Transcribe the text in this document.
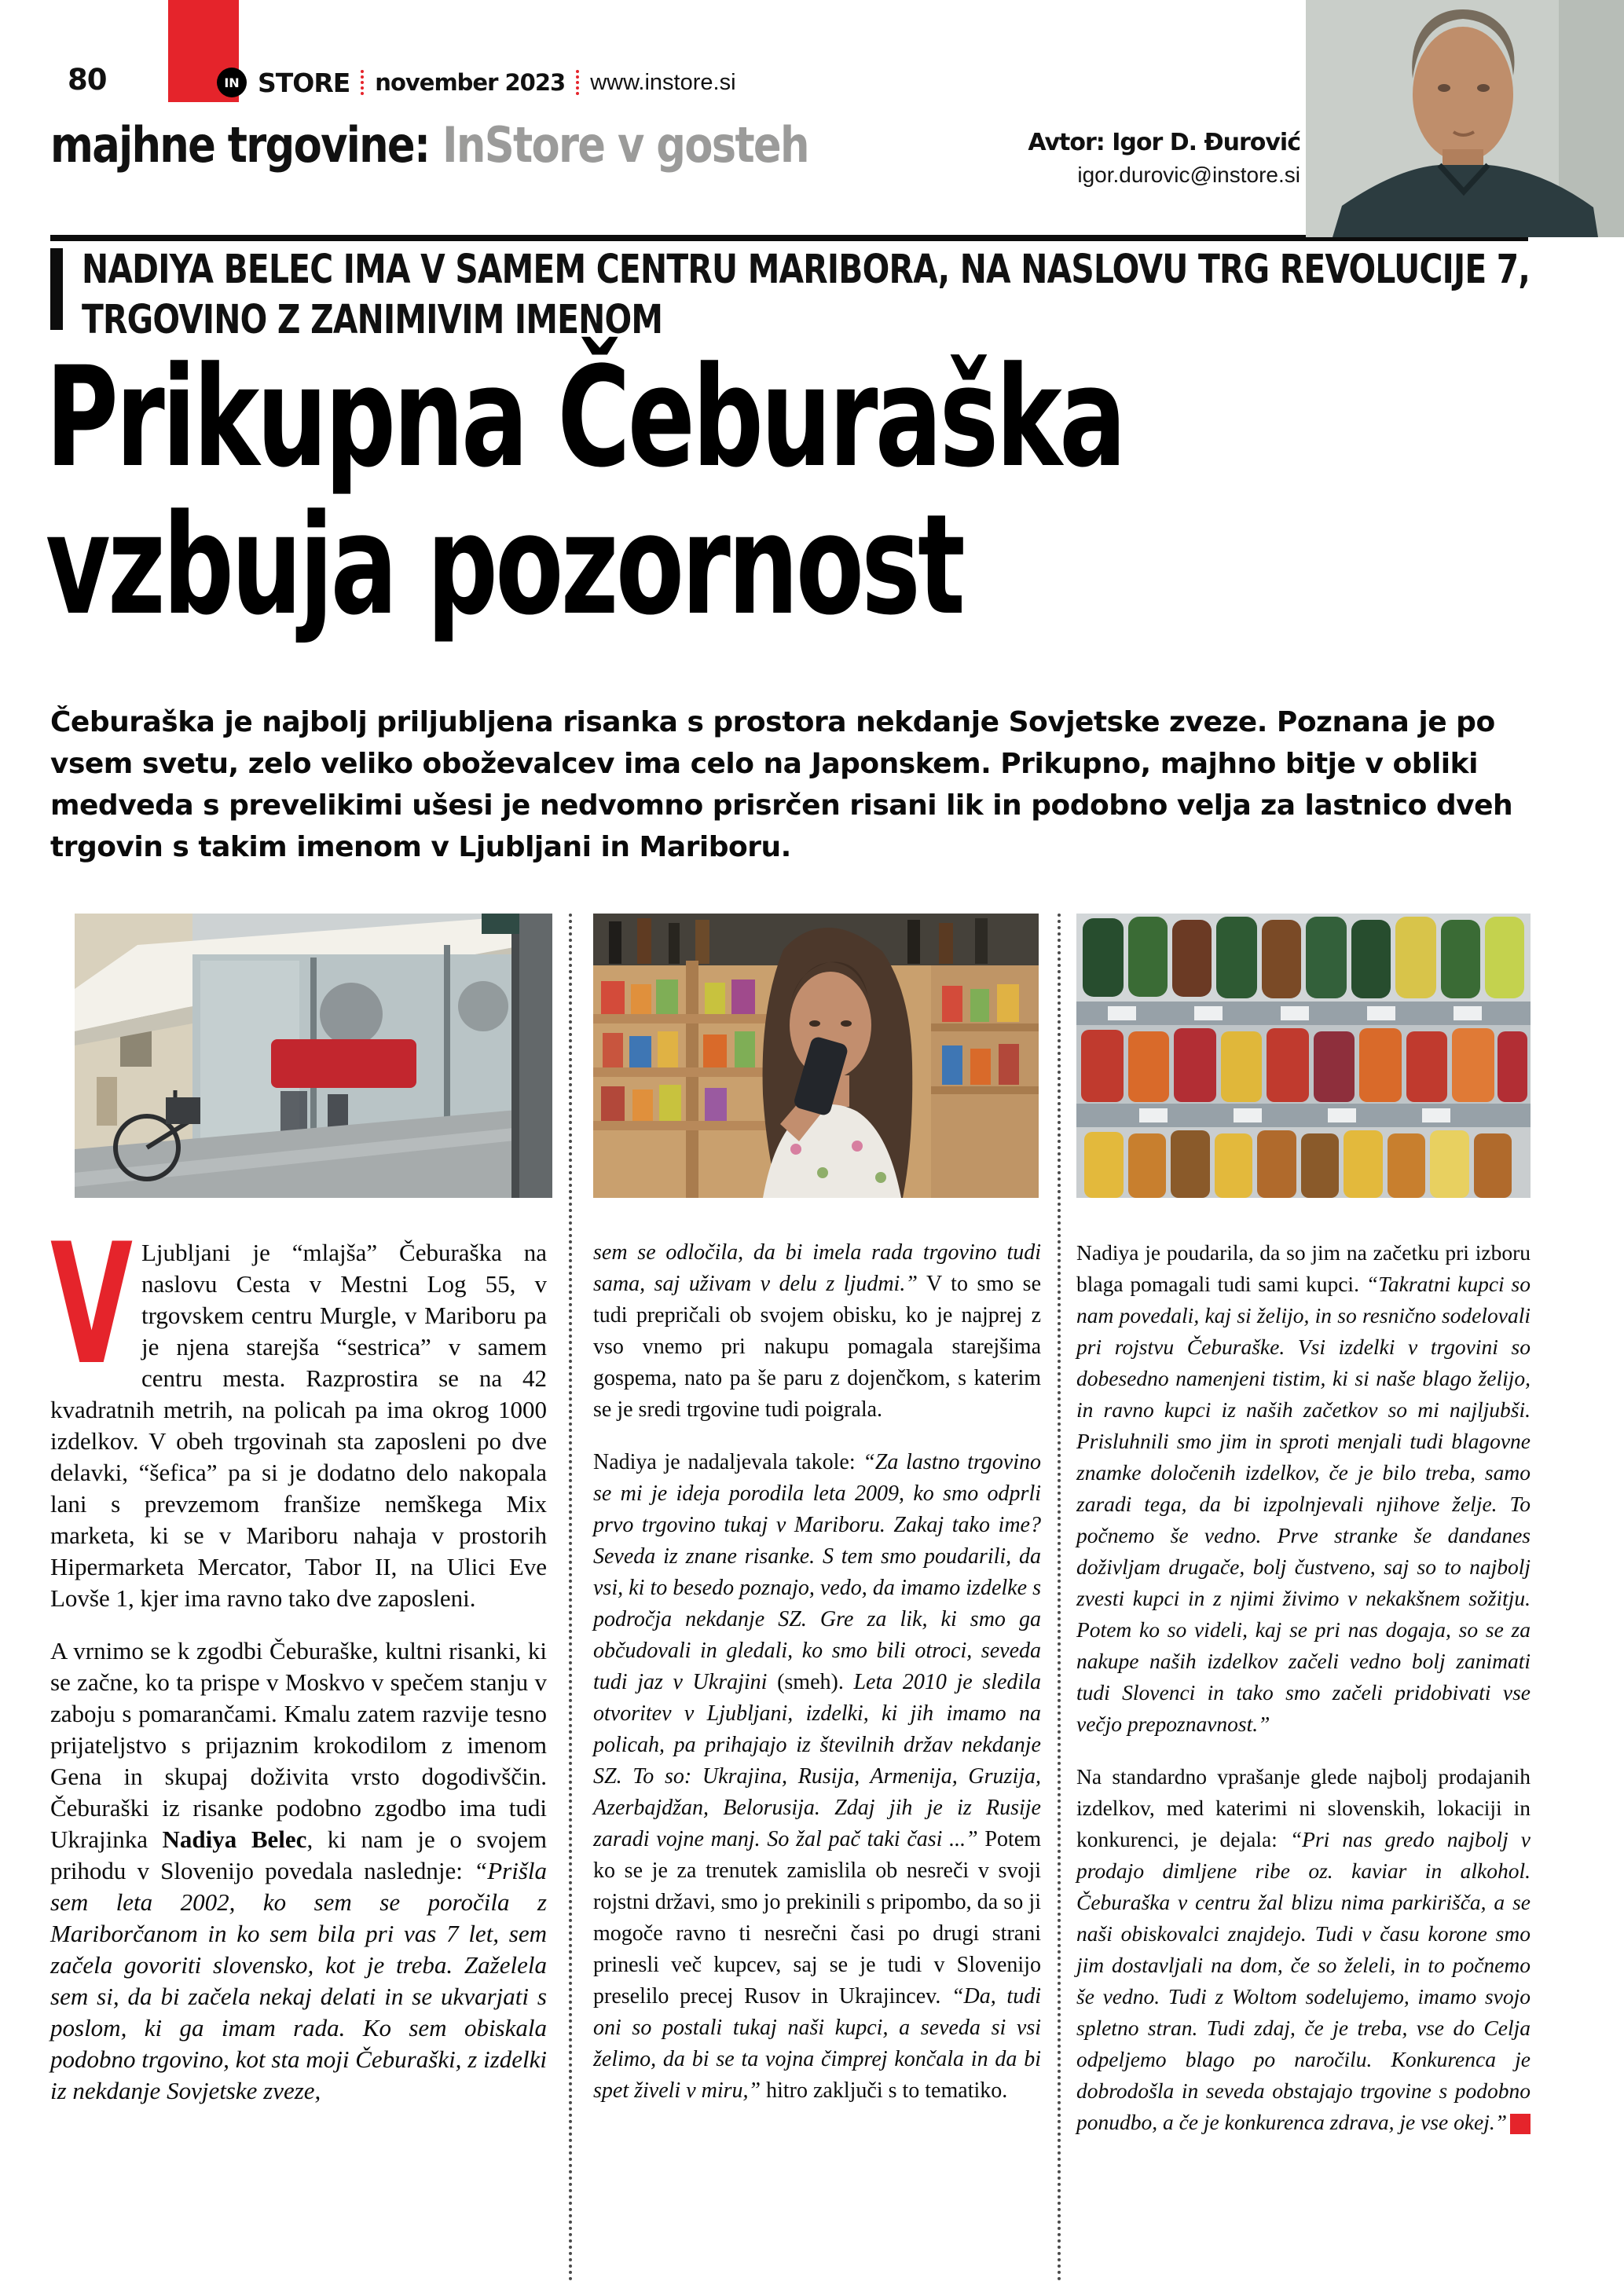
80	IN STORE november 2023 www.instore.si
majhne trgovine: InStore v gosteh	Avtor: Igor D. Đurović
igor.durovic@instore.si
NADIYA BELEC IMA V SAMEM CENTRU MARIBORA, NA NASLOVU TRG REVOLUCIJE 7,
TRGOVINO Z ZANIMIVIM IMENOM
Prikupna Čeburaška
vzbuja pozornost
Čeburaška je najbolj priljubljena risanka s prostora nekdanje Sovjetske zveze. Poznana je po vsem svetu, zelo veliko oboževalcev ima celo na Japonskem. Prikupno, majhno bitje v obliki medveda s prevelikimi ušesi je nedvomno prisrčen risani lik in podobno velja za lastnico dveh trgovin s takim imenom v Ljubljani in Mariboru.

V Ljubljani je “mlajša” Čeburaška na naslovu Cesta v Mestni Log 55, v trgovskem centru Murgle, v Mariboru pa je njena starejša “sestrica” v samem centru mesta. Razprostira se na 42 kvadratnih metrih, na policah pa ima okrog 1000 izdelkov. V obeh trgovinah sta zaposleni po dve delavki, “šefica” pa si je dodatno delo nakopala lani s prevzemom franšize nemškega Mix marketa, ki se v Mariboru nahaja v prostorih Hipermarketa Mercator, Tabor II, na Ulici Eve Lovše 1, kjer ima ravno tako dve zaposleni.

A vrnimo se k zgodbi Čeburaške, kultni risanki, ki se začne, ko ta prispe v Moskvo v spečem stanju v zaboju s pomarančami. Kmalu zatem razvije tesno prijateljstvo s prijaznim krokodilom z imenom Gena in skupaj doživita vrsto dogodivščin. Čeburaški iz risanke podobno zgodbo ima tudi Ukrajinka Nadiya Belec, ki nam je o svojem prihodu v Slovenijo povedala naslednje: “Prišla sem leta 2002, ko sem se poročila z Mariborčanom in ko sem bila pri vas 7 let, sem začela govoriti slovensko, kot je treba. Zaželela sem si, da bi začela nekaj delati in se ukvarjati s poslom, ki ga imam rada. Ko sem obiskala podobno trgovino, kot sta moji Čeburaški, z izdelki iz nekdanje Sovjetske zveze,

sem se odločila, da bi imela rada trgovino tudi sama, saj uživam v delu z ljudmi.” V to smo se tudi prepričali ob svojem obisku, ko je najprej z vso vnemo pri nakupu pomagala starejšima gospema, nato pa še paru z dojenčkom, s katerim se je sredi trgovine tudi poigrala.

Nadiya je nadaljevala takole: “Za lastno trgovino se mi je ideja porodila leta 2009, ko smo odprli prvo trgovino tukaj v Mariboru. Zakaj tako ime? Seveda iz znane risanke. S tem smo poudarili, da vsi, ki to besedo poznajo, vedo, da imamo izdelke s področja nekdanje SZ. Gre za lik, ki smo ga občudovali in gledali, ko smo bili otroci, seveda tudi jaz v Ukrajini (smeh). Leta 2010 je sledila otvoritev v Ljubljani, izdelki, ki jih imamo na policah, pa prihajajo iz številnih držav nekdanje SZ. To so: Ukrajina, Rusija, Armenija, Gruzija, Azerbajdžan, Belorusija. Zdaj jih je iz Rusije zaradi vojne manj. So žal pač taki časi ...” Potem ko se je za trenutek zamislila ob nesreči v svoji rojstni državi, smo jo prekinili s pripombo, da so ji mogoče ravno ti nesrečni časi po drugi strani prinesli več kupcev, saj se je tudi v Slovenijo preselilo precej Rusov in Ukrajincev. “Da, tudi oni so postali tukaj naši kupci, a seveda si vsi želimo, da bi se ta vojna čimprej končala in da bi spet živeli v miru,” hitro zaključi s to tematiko.

Nadiya je poudarila, da so jim na začetku pri izboru blaga pomagali tudi sami kupci. “Takratni kupci so nam povedali, kaj si želijo, in so resnično sodelovali pri rojstvu Čeburaške. Vsi izdelki v trgovini so dobesedno namenjeni tistim, ki si naše blago želijo, in ravno kupci iz naših začetkov so mi najljubši. Prisluhnili smo jim in sproti menjali tudi blagovne znamke določenih izdelkov, če je bilo treba, samo zaradi tega, da bi izpolnjevali njihove želje. To počnemo še vedno. Prve stranke še dandanes doživljam drugače, bolj čustveno, saj so to najbolj zvesti kupci in z njimi živimo v nekakšnem sožitju. Potem ko so videli, kaj se pri nas dogaja, so se za nakupe naših izdelkov začeli vedno bolj zanimati tudi Slovenci in tako smo začeli pridobivati vse večjo prepoznavnost.”

Na standardno vprašanje glede najbolj prodajanih izdelkov, med katerimi ni slovenskih, lokaciji in konkurenci, je dejala: “Pri nas gredo najbolj v prodajo dimljene ribe oz. kaviar in alkohol. Čeburaška v centru žal blizu nima parkirišča, a se naši obiskovalci znajdejo. Tudi v času korone smo jim dostavljali na dom, če so želeli, in to počnemo še vedno. Tudi z Woltom sodelujemo, imamo svojo spletno stran. Tudi zdaj, če je treba, vse do Celja odpeljemo blago po naročilu. Konkurenca je dobrodošla in seveda obstajajo trgovine s podobno ponudbo, a če je konkurenca zdrava, je vse okej.”
